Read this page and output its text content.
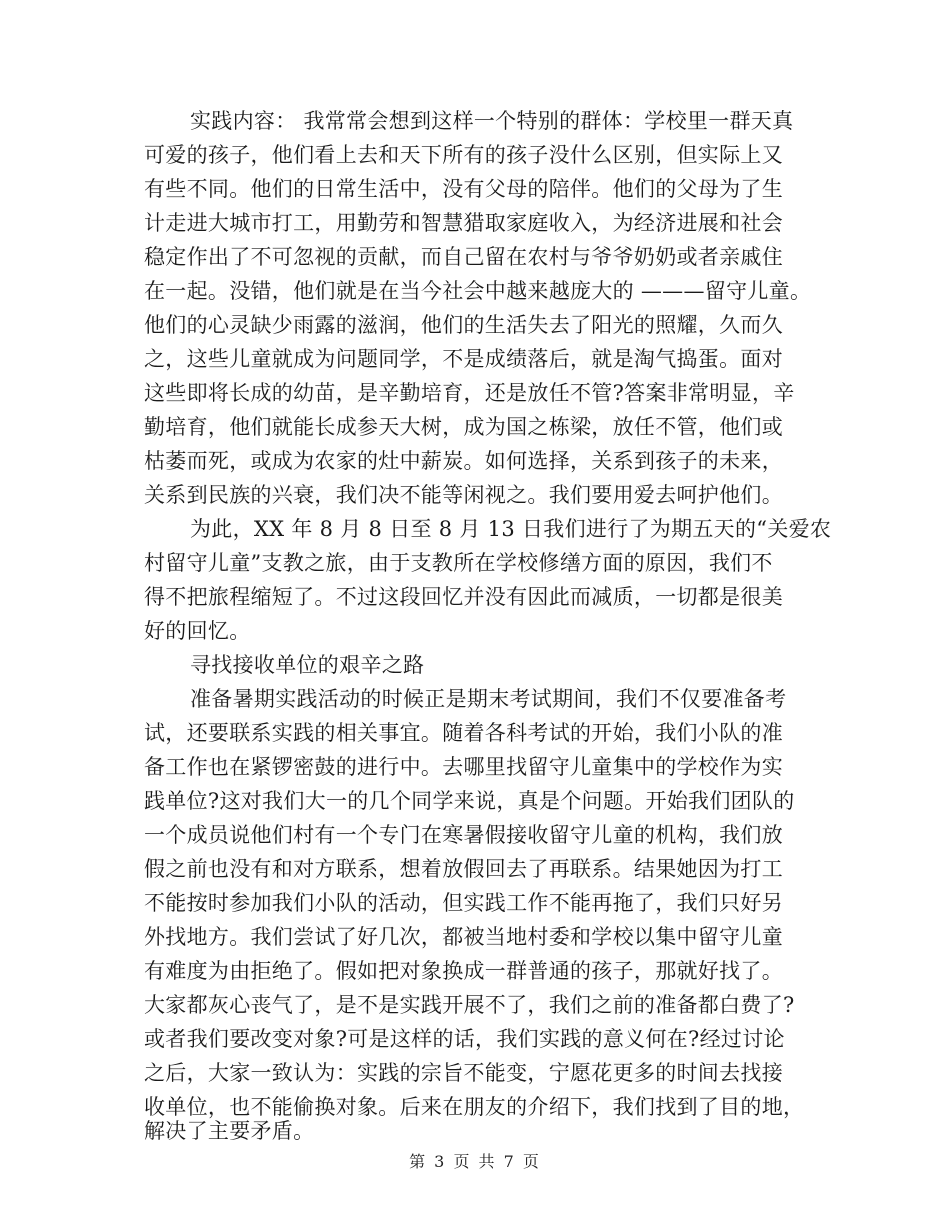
实践内容： 我常常会想到这样一个特别的群体：学校里一群天真
可爱的孩子，他们看上去和天下所有的孩子没什么区别，但实际上又
有些不同。他们的日常生活中，没有父母的陪伴。他们的父母为了生
计走进大城市打工，用勤劳和智慧猎取家庭收入，为经济进展和社会
稳定作出了不可忽视的贡献，而自己留在农村与爷爷奶奶或者亲戚住
在一起。没错，他们就是在当今社会中越来越庞大的 ———留守儿童。
他们的心灵缺少雨露的滋润，他们的生活失去了阳光的照耀，久而久
之，这些儿童就成为问题同学，不是成绩落后，就是淘气捣蛋。面对
这些即将长成的幼苗，是辛勤培育，还是放任不管?答案非常明显，辛
勤培育，他们就能长成参天大树，成为国之栋梁，放任不管，他们或
枯萎而死，或成为农家的灶中薪炭。如何选择，关系到孩子的未来，
关系到民族的兴衰，我们决不能等闲视之。我们要用爱去呵护他们。
为此，XX 年 8 月 8 日至 8 月 13 日我们进行了为期五天的“关爱农
村留守儿童”支教之旅，由于支教所在学校修缮方面的原因，我们不
得不把旅程缩短了。不过这段回忆并没有因此而减质，一切都是很美
好的回忆。
寻找接收单位的艰辛之路
准备暑期实践活动的时候正是期末考试期间，我们不仅要准备考
试，还要联系实践的相关事宜。随着各科考试的开始，我们小队的准
备工作也在紧锣密鼓的进行中。去哪里找留守儿童集中的学校作为实
践单位?这对我们大一的几个同学来说，真是个问题。开始我们团队的
一个成员说他们村有一个专门在寒暑假接收留守儿童的机构，我们放
假之前也没有和对方联系，想着放假回去了再联系。结果她因为打工
不能按时参加我们小队的活动，但实践工作不能再拖了，我们只好另
外找地方。我们尝试了好几次，都被当地村委和学校以集中留守儿童
有难度为由拒绝了。假如把对象换成一群普通的孩子，那就好找了。
大家都灰心丧气了，是不是实践开展不了，我们之前的准备都白费了?
或者我们要改变对象?可是这样的话，我们实践的意义何在?经过讨论
之后，大家一致认为：实践的宗旨不能变，宁愿花更多的时间去找接
收单位，也不能偷换对象。后来在朋友的介绍下，我们找到了目的地，
第 3 页 共 7 页
解决了主要矛盾。
